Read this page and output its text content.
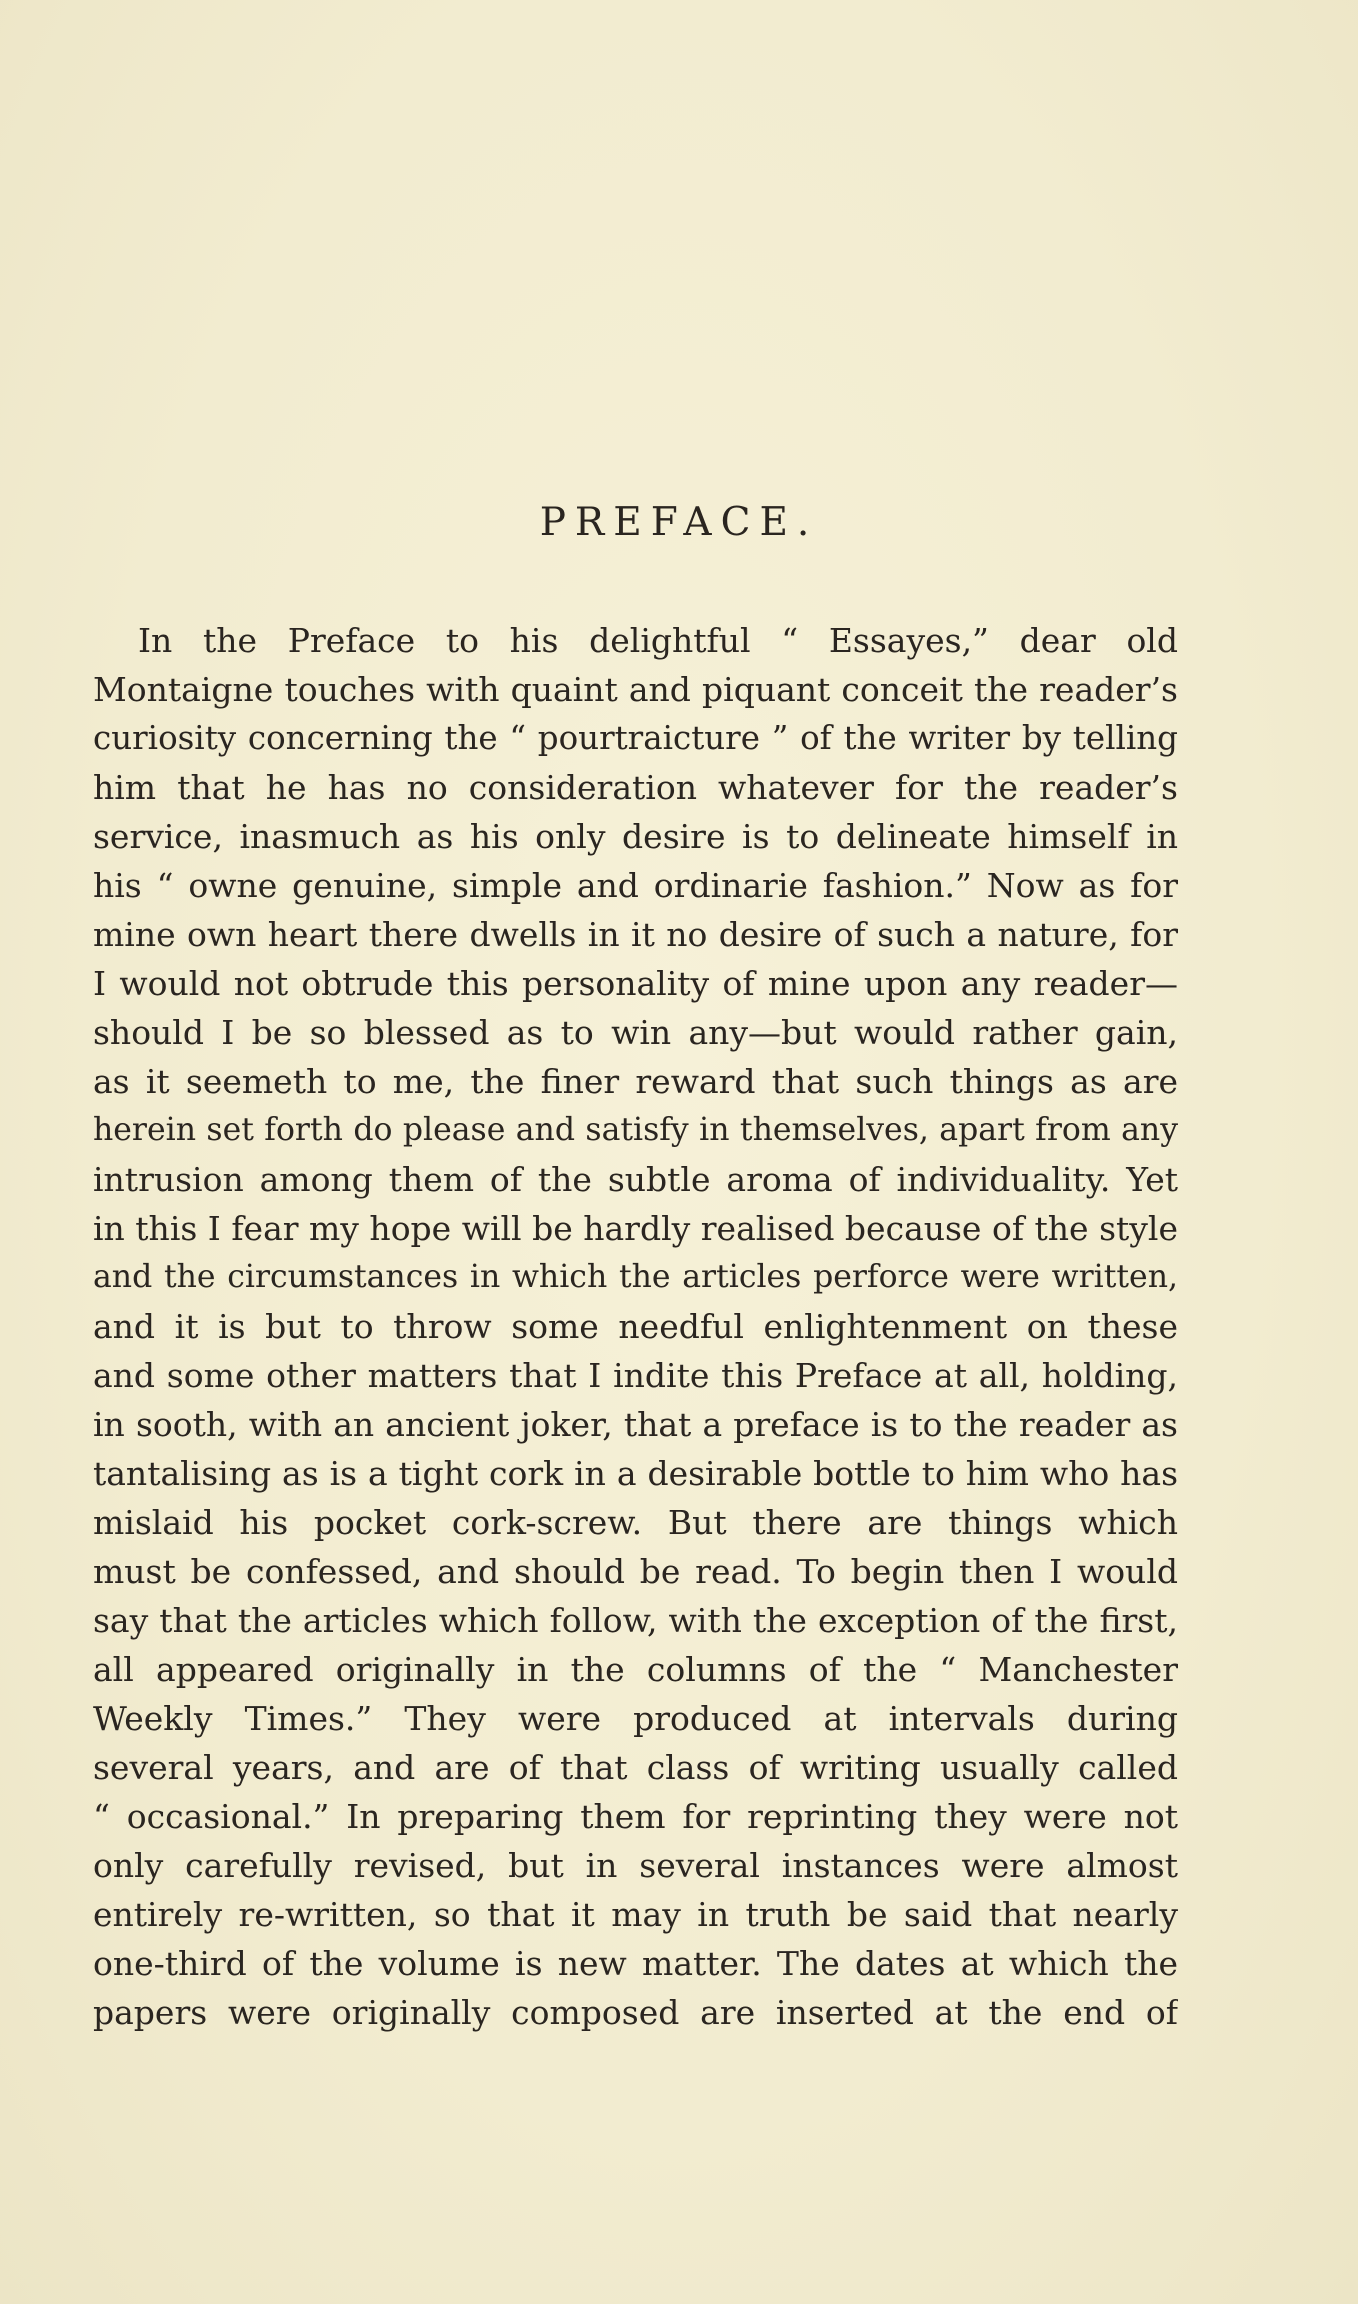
PREFACE.
In the Preface to his delightful “ Essayes,” dear old
Montaigne touches with quaint and piquant conceit the reader’s
curiosity concerning the “ pourtraicture ” of the writer by telling
him that he has no consideration whatever for the reader’s
service, inasmuch as his only desire is to delineate himself in
his “ owne genuine, simple and ordinarie fashion.” Now as for
mine own heart there dwells in it no desire of such a nature, for
I would not obtrude this personality of mine upon any reader—
should I be so blessed as to win any—but would rather gain,
as it seemeth to me, the finer reward that such things as are
herein set forth do please and satisfy in themselves, apart from any
intrusion among them of the subtle aroma of individuality. Yet
in this I fear my hope will be hardly realised because of the style
and the circumstances in which the articles perforce were written,
and it is but to throw some needful enlightenment on these
and some other matters that I indite this Preface at all, holding,
in sooth, with an ancient joker, that a preface is to the reader as
tantalising as is a tight cork in a desirable bottle to him who has
mislaid his pocket cork-screw. But there are things which
must be confessed, and should be read. To begin then I would
say that the articles which follow, with the exception of the first,
all appeared originally in the columns of the “ Manchester
Weekly Times.” They were produced at intervals during
several years, and are of that class of writing usually called
“ occasional.” In preparing them for reprinting they were not
only carefully revised, but in several instances were almost
entirely re-written, so that it may in truth be said that nearly
one-third of the volume is new matter. The dates at which the
papers were originally composed are inserted at the end of
